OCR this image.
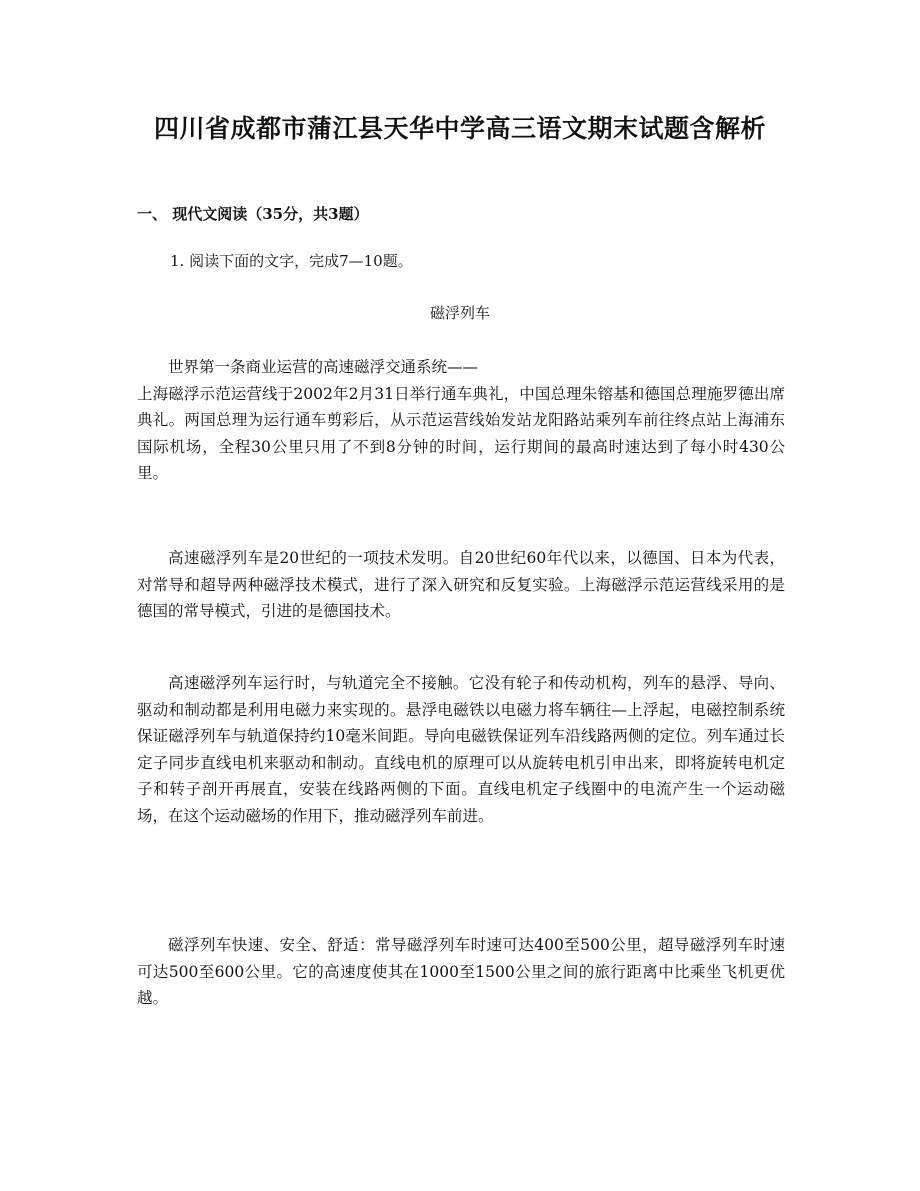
四川省成都市蒲江县天华中学高三语文期末试题含解析
一、 现代文阅读（35分，共3题）
1. 阅读下面的文字，完成7—10题。
磁浮列车

世界第一条商业运营的高速磁浮交通系统——
上海磁浮示范运营线于2002年2月31日举行通车典礼，中国总理朱镕基和德国总理施罗德出席典礼。两国总理为运行通车剪彩后，从示范运营线始发站龙阳路站乘列车前往终点站上海浦东国际机场，全程30公里只用了不到8分钟的时间，运行期间的最高时速达到了每小时430公里。

高速磁浮列车是20世纪的一项技术发明。自20世纪60年代以来，以德国、日本为代表，对常导和超导两种磁浮技术模式，进行了深入研究和反复实验。上海磁浮示范运营线采用的是德国的常导模式，引进的是德国技术。

高速磁浮列车运行时，与轨道完全不接触。它没有轮子和传动机构，列车的悬浮、导向、驱动和制动都是利用电磁力来实现的。悬浮电磁铁以电磁力将车辆往—上浮起，电磁控制系统保证磁浮列车与轨道保持约10毫米间距。导向电磁铁保证列车沿线路两侧的定位。列车通过长定子同步直线电机来驱动和制动。直线电机的原理可以从旋转电机引申出来，即将旋转电机定子和转子剖开再展直，安装在线路两侧的下面。直线电机定子线圈中的电流产生一个运动磁场，在这个运动磁场的作用下，推动磁浮列车前进。

磁浮列车快速、安全、舒适：常导磁浮列车时速可达400至500公里，超导磁浮列车时速可达500至600公里。它的高速度使其在1000至1500公里之间的旅行距离中比乘坐飞机更优越。
